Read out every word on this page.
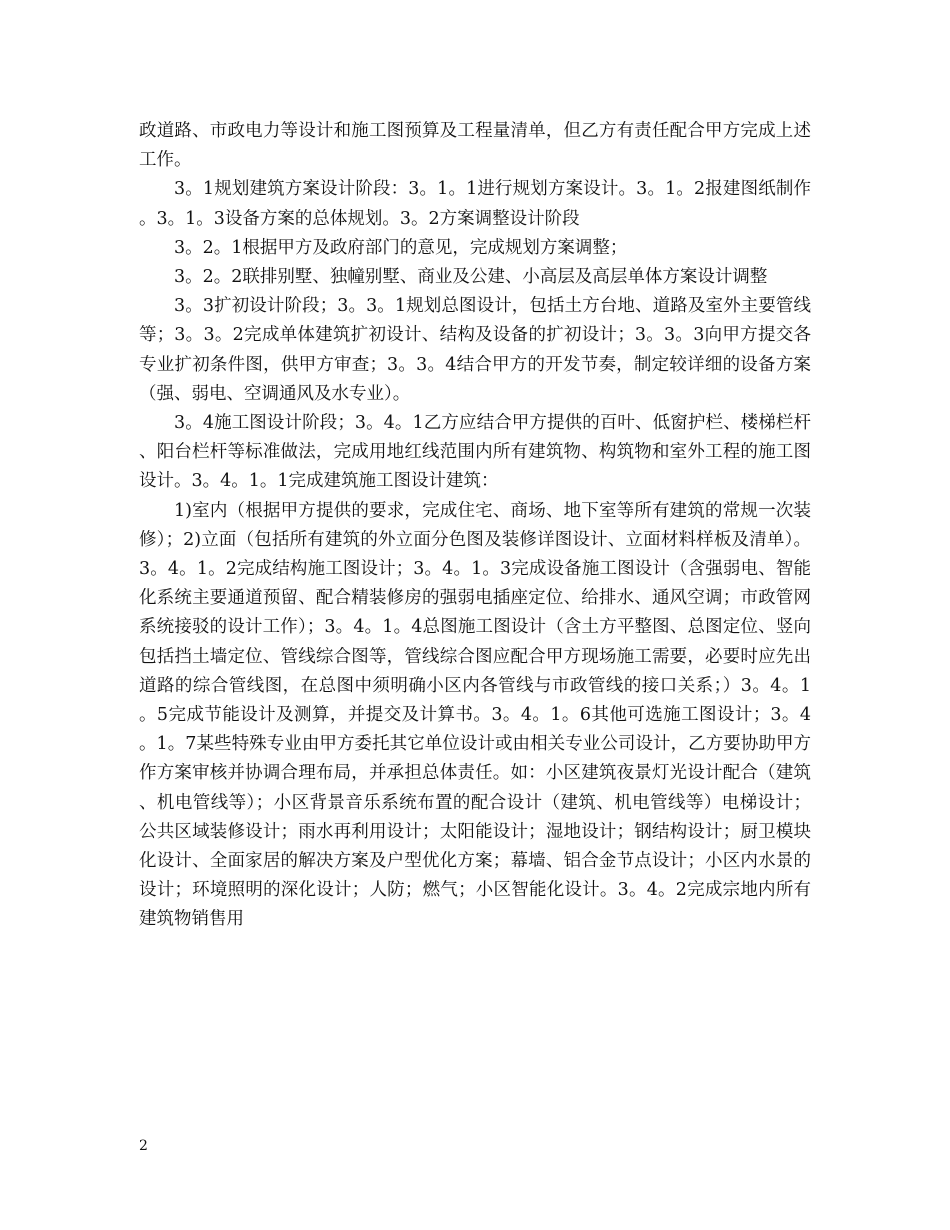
政道路、市政电力等设计和施工图预算及工程量清单，但乙方有责任配合甲方完成上述工作。

3。1规划建筑方案设计阶段：3。1。1进行规划方案设计。3。1。2报建图纸制作。3。1。3设备方案的总体规划。3。2方案调整设计阶段

3。2。1根据甲方及政府部门的意见，完成规划方案调整；

3。2。2联排别墅、独幢别墅、商业及公建、小高层及高层单体方案设计调整

3。3扩初设计阶段；3。3。1规划总图设计，包括土方台地、道路及室外主要管线等；3。3。2完成单体建筑扩初设计、结构及设备的扩初设计；3。3。3向甲方提交各专业扩初条件图，供甲方审查；3。3。4结合甲方的开发节奏，制定较详细的设备方案（强、弱电、空调通风及水专业）。

3。4施工图设计阶段；3。4。1乙方应结合甲方提供的百叶、低窗护栏、楼梯栏杆、阳台栏杆等标准做法，完成用地红线范围内所有建筑物、构筑物和室外工程的施工图设计。3。4。1。1完成建筑施工图设计建筑：

1)室内（根据甲方提供的要求，完成住宅、商场、地下室等所有建筑的常规一次装修）；2)立面（包括所有建筑的外立面分色图及装修详图设计、立面材料样板及清单）。3。4。1。2完成结构施工图设计；3。4。1。3完成设备施工图设计（含强弱电、智能化系统主要通道预留、配合精装修房的强弱电插座定位、给排水、通风空调；市政管网系统接驳的设计工作）；3。4。1。4总图施工图设计（含土方平整图、总图定位、竖向包括挡土墙定位、管线综合图等，管线综合图应配合甲方现场施工需要，必要时应先出道路的综合管线图，在总图中须明确小区内各管线与市政管线的接口关系；）3。4。1。5完成节能设计及测算，并提交及计算书。3。4。1。6其他可选施工图设计；3。4。1。7某些特殊专业由甲方委托其它单位设计或由相关专业公司设计，乙方要协助甲方作方案审核并协调合理布局，并承担总体责任。如：小区建筑夜景灯光设计配合（建筑、机电管线等）；小区背景音乐系统布置的配合设计（建筑、机电管线等）电梯设计；公共区域装修设计；雨水再利用设计；太阳能设计；湿地设计；钢结构设计；厨卫模块化设计、全面家居的解决方案及户型优化方案；幕墙、铝合金节点设计；小区内水景的设计；环境照明的深化设计；人防；燃气；小区智能化设计。3。4。2完成宗地内所有建筑物销售用

2
